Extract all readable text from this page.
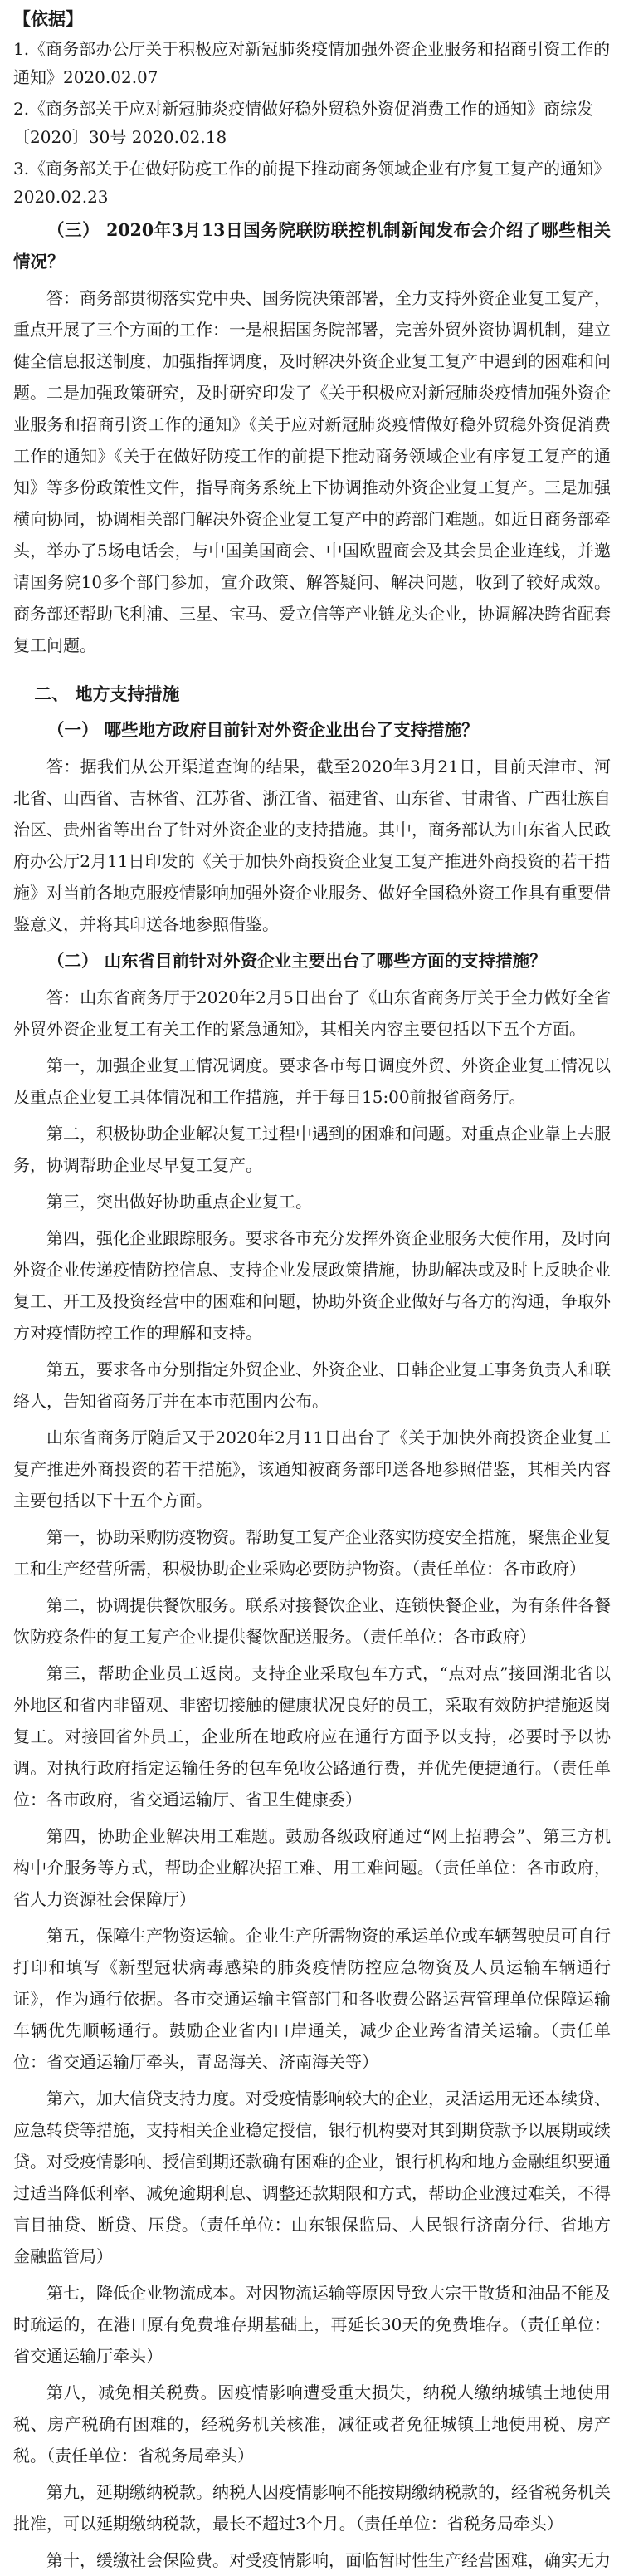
【依据】
1.《商务部办公厅关于积极应对新冠肺炎疫情加强外资企业服务和招商引资工作的通知》2020.02.07
2.《商务部关于应对新冠肺炎疫情做好稳外贸稳外资促消费工作的通知》商综发〔2020〕30号 2020.02.18
3.《商务部关于在做好防疫工作的前提下推动商务领域企业有序复工复产的通知》2020.02.23
（三） 2020年3月13日国务院联防联控机制新闻发布会介绍了哪些相关情况？
答：商务部贯彻落实党中央、国务院决策部署，全力支持外资企业复工复产，重点开展了三个方面的工作：一是根据国务院部署，完善外贸外资协调机制，建立健全信息报送制度，加强指挥调度，及时解决外资企业复工复产中遇到的困难和问题。二是加强政策研究，及时研究印发了《关于积极应对新冠肺炎疫情加强外资企业服务和招商引资工作的通知》《关于应对新冠肺炎疫情做好稳外贸稳外资促消费工作的通知》《关于在做好防疫工作的前提下推动商务领域企业有序复工复产的通知》等多份政策性文件，指导商务系统上下协调推动外资企业复工复产。三是加强横向协同，协调相关部门解决外资企业复工复产中的跨部门难题。如近日商务部牵头，举办了5场电话会，与中国美国商会、中国欧盟商会及其会员企业连线，并邀请国务院10多个部门参加，宣介政策、解答疑问、解决问题，收到了较好成效。商务部还帮助飞利浦、三星、宝马、爱立信等产业链龙头企业，协调解决跨省配套复工问题。
二、 地方支持措施
（一） 哪些地方政府目前针对外资企业出台了支持措施？
答：据我们从公开渠道查询的结果，截至2020年3月21日，目前天津市、河北省、山西省、吉林省、江苏省、浙江省、福建省、山东省、甘肃省、广西壮族自治区、贵州省等出台了针对外资企业的支持措施。其中，商务部认为山东省人民政府办公厅2月11日印发的《关于加快外商投资企业复工复产推进外商投资的若干措施》对当前各地克服疫情影响加强外资企业服务、做好全国稳外资工作具有重要借鉴意义，并将其印送各地参照借鉴。
（二） 山东省目前针对外资企业主要出台了哪些方面的支持措施？
答：山东省商务厅于2020年2月5日出台了《山东省商务厅关于全力做好全省外贸外资企业复工有关工作的紧急通知》，其相关内容主要包括以下五个方面。
第一，加强企业复工情况调度。要求各市每日调度外贸、外资企业复工情况以及重点企业复工具体情况和工作措施，并于每日15:00前报省商务厅。
第二，积极协助企业解决复工过程中遇到的困难和问题。对重点企业靠上去服务，协调帮助企业尽早复工复产。
第三，突出做好协助重点企业复工。
第四，强化企业跟踪服务。要求各市充分发挥外资企业服务大使作用，及时向外资企业传递疫情防控信息、支持企业发展政策措施，协助解决或及时上反映企业复工、开工及投资经营中的困难和问题，协助外资企业做好与各方的沟通，争取外方对疫情防控工作的理解和支持。
第五，要求各市分别指定外贸企业、外资企业、日韩企业复工事务负责人和联络人，告知省商务厅并在本市范围内公布。
山东省商务厅随后又于2020年2月11日出台了《关于加快外商投资企业复工复产推进外商投资的若干措施》，该通知被商务部印送各地参照借鉴，其相关内容主要包括以下十五个方面。
第一，协助采购防疫物资。帮助复工复产企业落实防疫安全措施，聚焦企业复工和生产经营所需，积极协助企业采购必要防护物资。（责任单位：各市政府）
第二，协调提供餐饮服务。联系对接餐饮企业、连锁快餐企业，为有条件各餐饮防疫条件的复工复产企业提供餐饮配送服务。（责任单位：各市政府）
第三，帮助企业员工返岗。支持企业采取包车方式，“点对点”接回湖北省以外地区和省内非留观、非密切接触的健康状况良好的员工，采取有效防护措施返岗复工。对接回省外员工，企业所在地政府应在通行方面予以支持，必要时予以协调。对执行政府指定运输任务的包车免收公路通行费，并优先便捷通行。（责任单位：各市政府，省交通运输厅、省卫生健康委）
第四，协助企业解决用工难题。鼓励各级政府通过“网上招聘会”、第三方机构中介服务等方式，帮助企业解决招工难、用工难问题。（责任单位：各市政府，省人力资源社会保障厅）
第五，保障生产物资运输。企业生产所需物资的承运单位或车辆驾驶员可自行打印和填写《新型冠状病毒感染的肺炎疫情防控应急物资及人员运输车辆通行证》，作为通行依据。各市交通运输主管部门和各收费公路运营管理单位保障运输车辆优先顺畅通行。鼓励企业省内口岸通关，减少企业跨省清关运输。（责任单位：省交通运输厅牵头，青岛海关、济南海关等）
第六，加大信贷支持力度。对受疫情影响较大的企业，灵活运用无还本续贷、应急转贷等措施，支持相关企业稳定授信，银行机构要对其到期贷款予以展期或续贷。对受疫情影响、授信到期还款确有困难的企业，银行机构和地方金融组织要通过适当降低利率、减免逾期利息、调整还款期限和方式，帮助企业渡过难关，不得盲目抽贷、断贷、压贷。（责任单位：山东银保监局、人民银行济南分行、省地方金融监管局）
第七，降低企业物流成本。对因物流运输等原因导致大宗干散货和油品不能及时疏运的，在港口原有免费堆存期基础上，再延长30天的免费堆存。（责任单位：省交通运输厅牵头）
第八，减免相关税费。因疫情影响遭受重大损失，纳税人缴纳城镇土地使用税、房产税确有困难的，经税务机关核准，减征或者免征城镇土地使用税、房产税。（责任单位：省税务局牵头）
第九，延期缴纳税款。纳税人因疫情影响不能按期缴纳税款的，经省税务机关批准，可以延期缴纳税款，最长不超过3个月。（责任单位：省税务局牵头）
第十，缓缴社会保险费。对受疫情影响，面临暂时性生产经营困难，确实无力
